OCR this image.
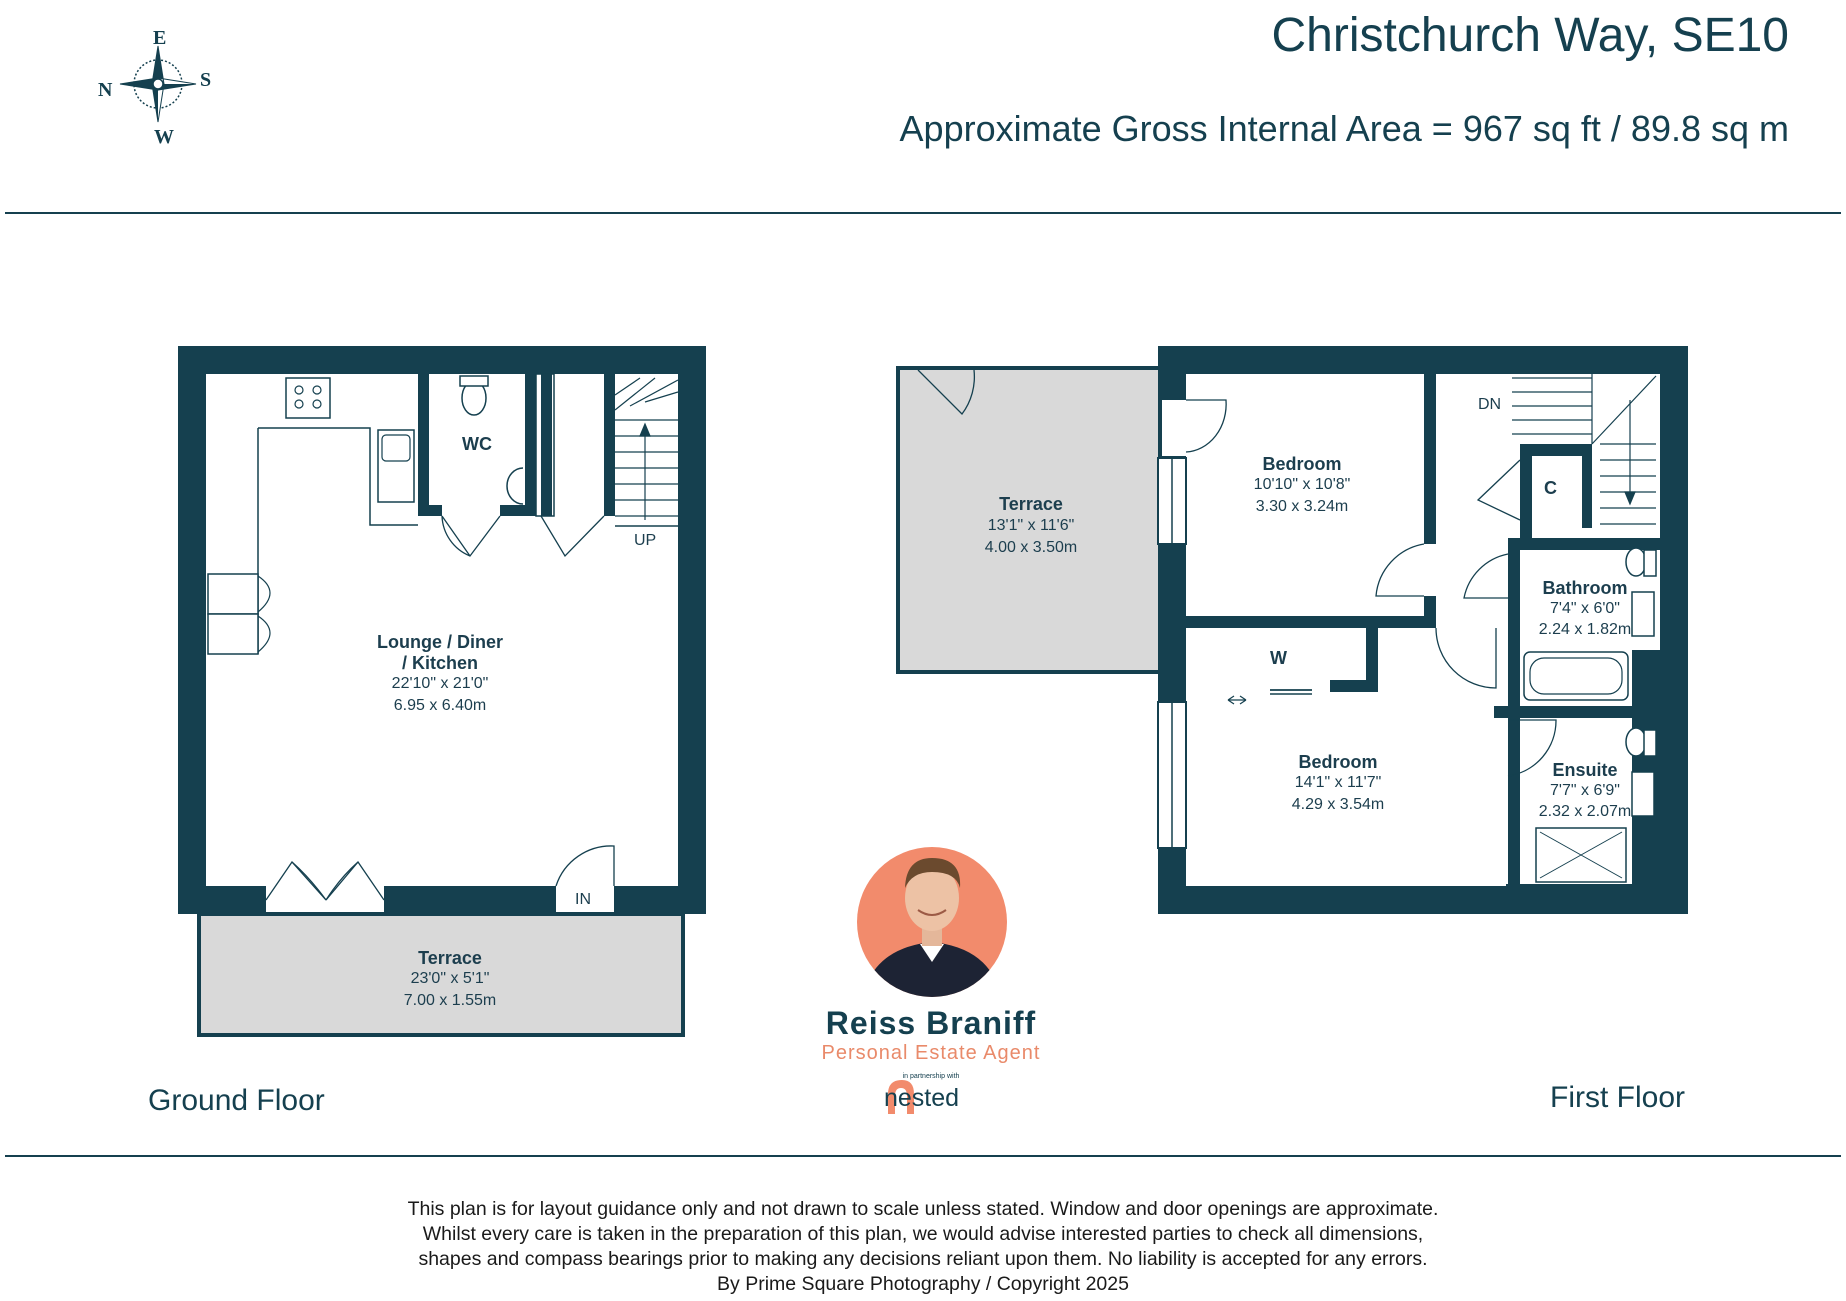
Christchurch Way, SE10
Approximate Gross Internal Area = 967 sq ft / 89.8 sq m
E
N	S
W
Lounge / Diner
/ Kitchen
22'10" x 21'0"
6.95 x 6.40m
WC
UP
IN
Terrace
23'0" x 5'1"
7.00 x 1.55m
Terrace
13'1" x 11'6"
4.00 x 3.50m
Bedroom
10'10" x 10'8"
3.30 x 3.24m
Bedroom
14'1" x 11'7"
4.29 x 3.54m
Bathroom
7'4" x 6'0"
2.24 x 1.82m
Ensuite
7'7" x 6'9"
2.32 x 2.07m
C
W
DN
Ground Floor	First Floor
Reiss Braniff
Personal Estate Agent
in partnership with
nested
This plan is for layout guidance only and not drawn to scale unless stated. Window and door openings are approximate.
Whilst every care is taken in the preparation of this plan, we would advise interested parties to check all dimensions,
shapes and compass bearings prior to making any decisions reliant upon them. No liability is accepted for any errors.
By Prime Square Photography / Copyright 2025
